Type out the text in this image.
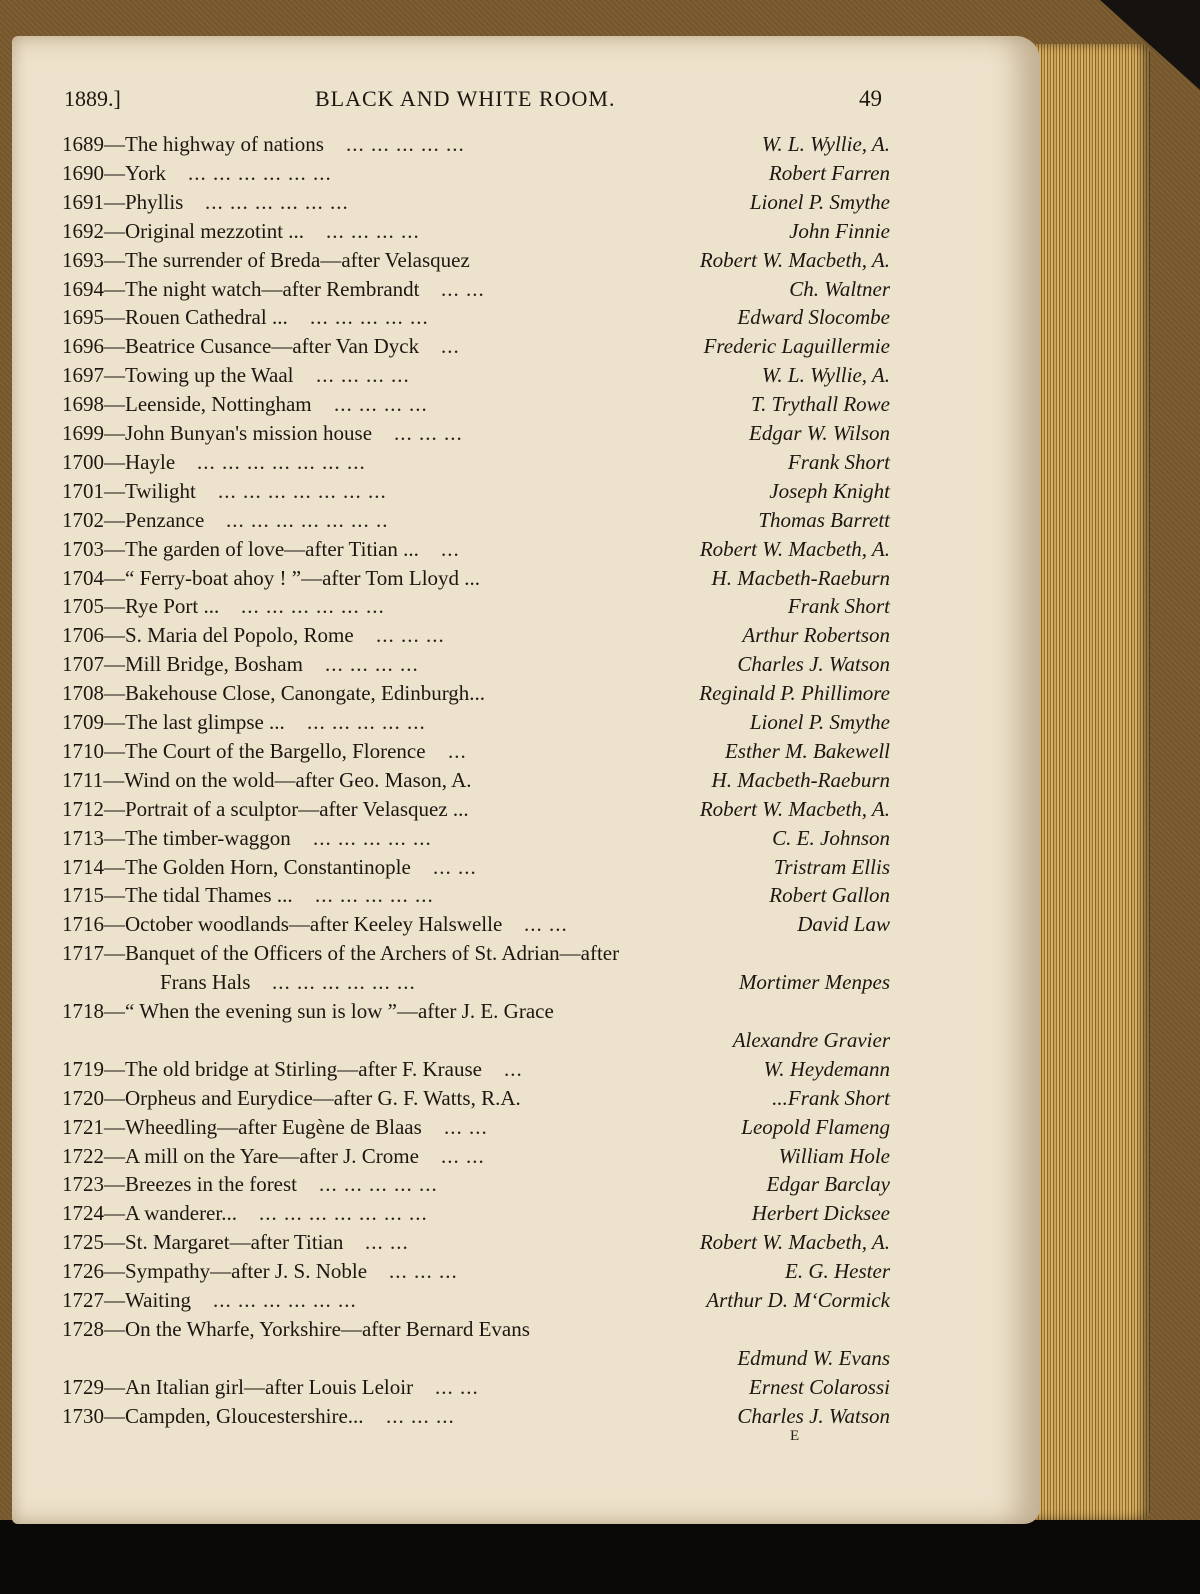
1889.]	BLACK AND WHITE ROOM.	49
1689—The highway of nations ... ... ... ... ...	W. L. Wyllie, A.
1690—York ... ... ... ... ... ...	Robert Farren
1691—Phyllis ... ... ... ... ... ...	Lionel P. Smythe
1692—Original mezzotint ... ... ... ... ...	John Finnie
1693—The surrender of Breda—after Velasquez	Robert W. Macbeth, A.
1694—The night watch—after Rembrandt ... ...	Ch. Waltner
1695—Rouen Cathedral ... ... ... ... ... ...	Edward Slocombe
1696—Beatrice Cusance—after Van Dyck ...	Frederic Laguillermie
1697—Towing up the Waal ... ... ... ...	W. L. Wyllie, A.
1698—Leenside, Nottingham ... ... ... ...	T. Trythall Rowe
1699—John Bunyan's mission house ... ... ...	Edgar W. Wilson
1700—Hayle ... ... ... ... ... ... ...	Frank Short
1701—Twilight ... ... ... ... ... ... ...	Joseph Knight
1702—Penzance ... ... ... ... ... ... ..	Thomas Barrett
1703—The garden of love—after Titian ... ...	Robert W. Macbeth, A.
1704—“ Ferry-boat ahoy ! ”—after Tom Lloyd ...	H. Macbeth-Raeburn
1705—Rye Port ... ... ... ... ... ... ...	Frank Short
1706—S. Maria del Popolo, Rome ... ... ...	Arthur Robertson
1707—Mill Bridge, Bosham ... ... ... ...	Charles J. Watson
1708—Bakehouse Close, Canongate, Edinburgh...	Reginald P. Phillimore
1709—The last glimpse ... ... ... ... ... ...	Lionel P. Smythe
1710—The Court of the Bargello, Florence ...	Esther M. Bakewell
1711—Wind on the wold—after Geo. Mason, A.	H. Macbeth-Raeburn
1712—Portrait of a sculptor—after Velasquez ...	Robert W. Macbeth, A.
1713—The timber-waggon ... ... ... ... ...	C. E. Johnson
1714—The Golden Horn, Constantinople ... ...	Tristram Ellis
1715—The tidal Thames ... ... ... ... ... ...	Robert Gallon
1716—October woodlands—after Keeley Halswelle ... ...	David Law
1717—Banquet of the Officers of the Archers of St. Adrian—after
Frans Hals ... ... ... ... ... ...	Mortimer Menpes
1718—“ When the evening sun is low ”—after J. E. Grace
Alexandre Gravier
1719—The old bridge at Stirling—after F. Krause ...	W. Heydemann
1720—Orpheus and Eurydice—after G. F. Watts, R.A.	...Frank Short
1721—Wheedling—after Eugène de Blaas ... ...	Leopold Flameng
1722—A mill on the Yare—after J. Crome ... ...	William Hole
1723—Breezes in the forest ... ... ... ... ...	Edgar Barclay
1724—A wanderer... ... ... ... ... ... ... ...	Herbert Dicksee
1725—St. Margaret—after Titian ... ...	Robert W. Macbeth, A.
1726—Sympathy—after J. S. Noble ... ... ...	E. G. Hester
1727—Waiting ... ... ... ... ... ...	Arthur D. M‘Cormick
1728—On the Wharfe, Yorkshire—after Bernard Evans
Edmund W. Evans
1729—An Italian girl—after Louis Leloir ... ...	Ernest Colarossi
1730—Campden, Gloucestershire... ... ... ...	Charles J. Watson
E
